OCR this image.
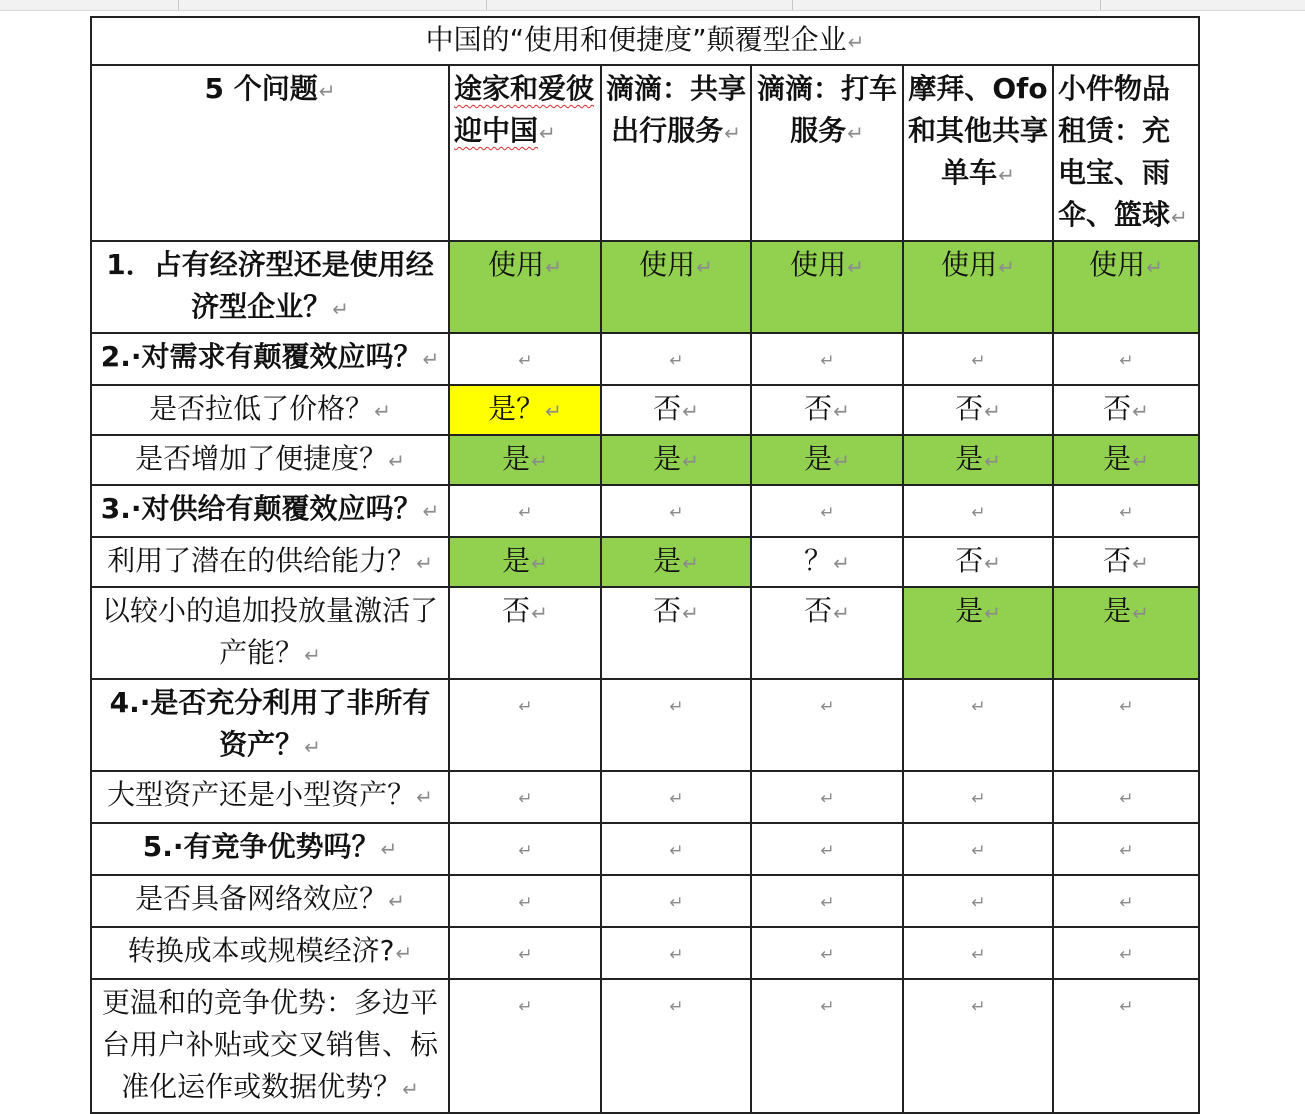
中国的“使用和便捷度”颠覆型企业↵					
5 个问题↵	途家和爱彼迎中国↵	滴滴：共享出行服务↵	滴滴：打车服务↵	摩拜、Ofo和其他共享单车↵	小件物品租赁：充电宝、雨伞、篮球↵
1．占有经济型还是使用经济型企业？↵	使用↵	使用↵	使用↵	使用↵	使用↵
2.·对需求有颠覆效应吗？↵	↵	↵	↵	↵	↵
是否拉低了价格？↵	是？↵	否↵	否↵	否↵	否↵
是否增加了便捷度？↵	是↵	是↵	是↵	是↵	是↵
3.·对供给有颠覆效应吗？↵	↵	↵	↵	↵	↵
利用了潜在的供给能力？↵	是↵	是↵	？↵	否↵	否↵
以较小的追加投放量激活了产能？↵	否↵	否↵	否↵	是↵	是↵
4.·是否充分利用了非所有资产？↵	↵	↵	↵	↵	↵
大型资产还是小型资产？↵	↵	↵	↵	↵	↵
5.·有竞争优势吗？↵	↵	↵	↵	↵	↵
是否具备网络效应？↵	↵	↵	↵	↵	↵
转换成本或规模经济?↵	↵	↵	↵	↵	↵
更温和的竞争优势：多边平台用户补贴或交叉销售、标准化运作或数据优势？↵	↵	↵	↵	↵	↵
